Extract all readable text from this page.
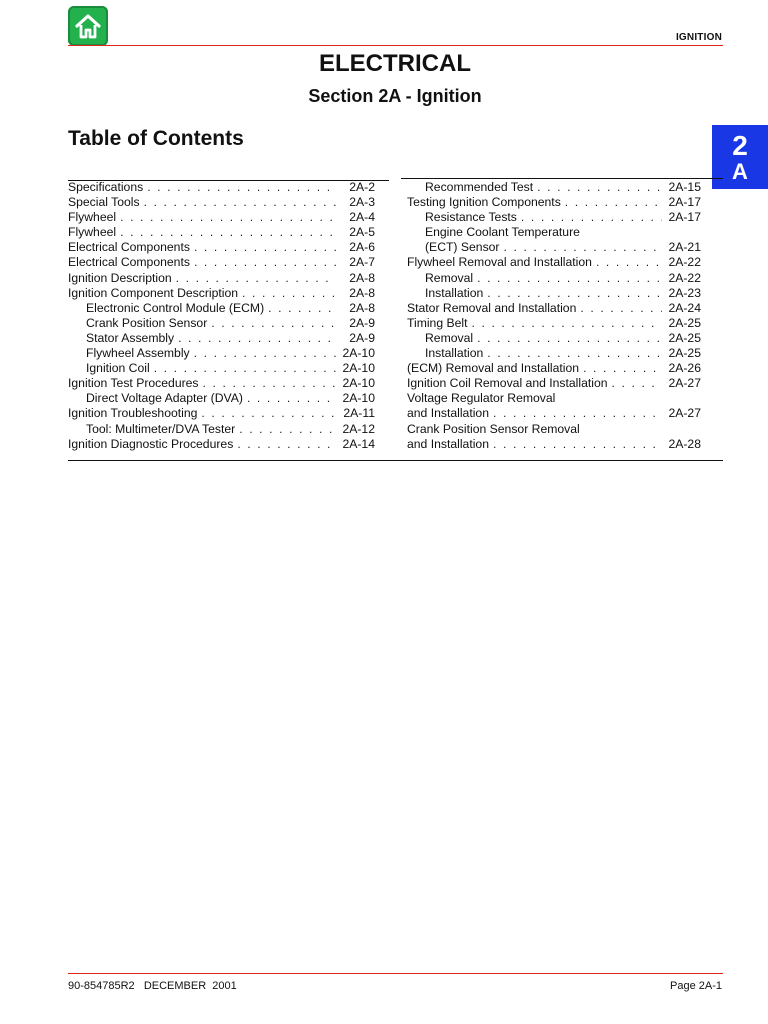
IGNITION
ELECTRICAL
Section 2A - Ignition
Table of Contents	2
A
Specifications . . .	2A-2
Special Tools . . .	2A-3
Flywheel . . .	2A-4
Flywheel . . .	2A-5
Electrical Components . . .	2A-6
Electrical Components . . .	2A-7
Ignition Description . . .	2A-8
Ignition Component Description . . .	2A-8
Electronic Control Module (ECM) . . .	2A-8
Crank Position Sensor . . .	2A-9
Stator Assembly . . .	2A-9
Flywheel Assembly . . .	2A-10
Ignition Coil . . .	2A-10
Ignition Test Procedures . . .	2A-10
Direct Voltage Adapter (DVA) . . .	2A-10
Ignition Troubleshooting . . .	2A-11
Tool: Multimeter/DVA Tester . . .	2A-12
Ignition Diagnostic Procedures . . .	2A-14
Recommended Test . . .	2A-15
Testing Ignition Components . . .	2A-17
Resistance Tests . . .	2A-17
Engine Coolant Temperature
(ECT) Sensor . . .	2A-21
Flywheel Removal and Installation . . .	2A-22
Removal . . .	2A-22
Installation . . .	2A-23
Stator Removal and Installation . . .	2A-24
Timing Belt . . .	2A-25
Removal . . .	2A-25
Installation . . .	2A-25
(ECM) Removal and Installation . . .	2A-26
Ignition Coil Removal and Installation . . .	2A-27
Voltage Regulator Removal
and Installation . . .	2A-27
Crank Position Sensor Removal
and Installation . . .	2A-28
90-854785R2   DECEMBER  2001	Page 2A-1
